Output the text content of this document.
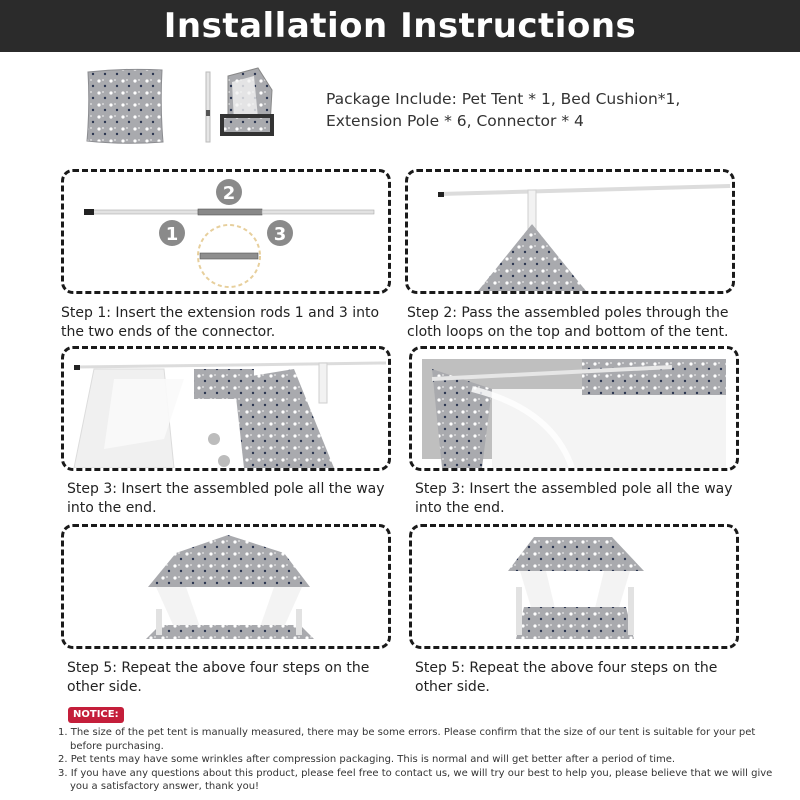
Installation Instructions
Package Include: Pet Tent * 1, Bed Cushion*1,
Extension Pole * 6, Connector * 4
2
1	3
Step 1: Insert the extension rods 1 and 3 into
the two ends of the connector.
Step 2: Pass the assembled poles through the
cloth loops on the top and bottom of the tent.
Step 3: Insert the assembled pole all the way
into the end.
Step 3: Insert the assembled pole all the way
into the end.
Step 5: Repeat the above four steps on the
other side.
Step 5: Repeat the above four steps on the
other side.
NOTICE:
1. The size of the pet tent is manually measured, there may be some errors. Please confirm that the size of our tent is suitable for your pet before purchasing.
2. Pet tents may have some wrinkles after compression packaging. This is normal and will get better after a period of time.
3. If you have any questions about this product, please feel free to contact us, we will try our best to help you, please believe that we will give you a satisfactory answer, thank you!
